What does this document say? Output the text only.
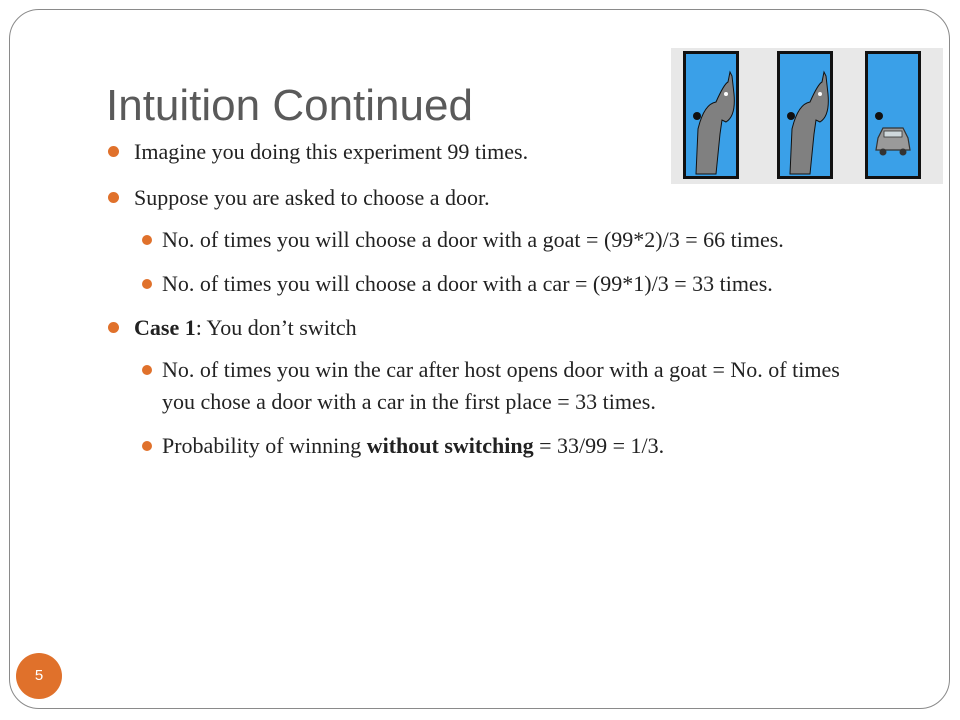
Intuition Continued
Imagine you doing this experiment 99 times.
Suppose you are asked to choose a door.
No. of times you will choose a door with a goat = (99*2)/3 = 66 times.
No. of times you will choose a door with a car = (99*1)/3 = 33 times.
Case 1: You don’t switch
No. of times you win the car after host opens door with a goat = No. of times you chose a door with a car in the first place = 33 times.
Probability of winning without switching = 33/99 = 1/3.
5
